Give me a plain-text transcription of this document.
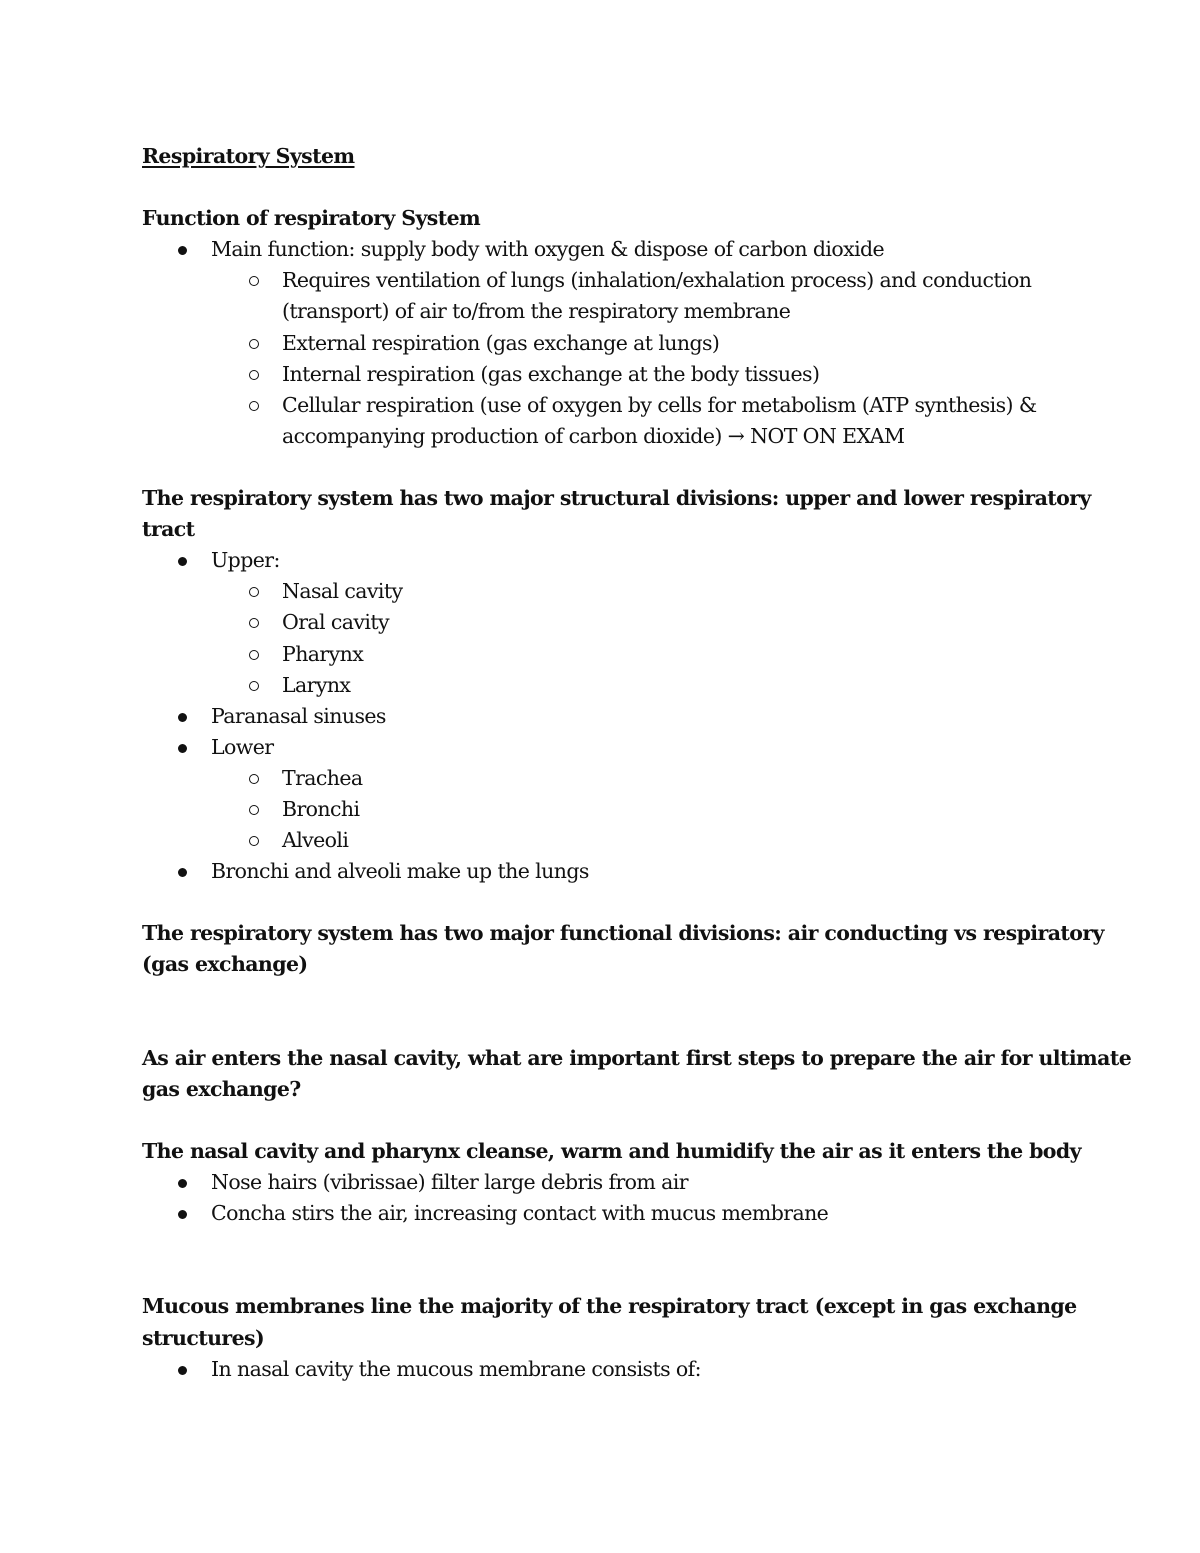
Respiratory System
Function of respiratory System
Main function: supply body with oxygen & dispose of carbon dioxide
Requires ventilation of lungs (inhalation/exhalation process) and conduction
(transport) of air to/from the respiratory membrane
External respiration (gas exchange at lungs)
Internal respiration (gas exchange at the body tissues)
Cellular respiration (use of oxygen by cells for metabolism (ATP synthesis) &
accompanying production of carbon dioxide) → NOT ON EXAM
The respiratory system has two major structural divisions: upper and lower respiratory
tract
Upper:
Nasal cavity
Oral cavity
Pharynx
Larynx
Paranasal sinuses
Lower
Trachea
Bronchi
Alveoli
Bronchi and alveoli make up the lungs
The respiratory system has two major functional divisions: air conducting vs respiratory
(gas exchange)
As air enters the nasal cavity, what are important first steps to prepare the air for ultimate
gas exchange?
The nasal cavity and pharynx cleanse, warm and humidify the air as it enters the body
Nose hairs (vibrissae) filter large debris from air
Concha stirs the air, increasing contact with mucus membrane
Mucous membranes line the majority of the respiratory tract (except in gas exchange
structures)
In nasal cavity the mucous membrane consists of:
